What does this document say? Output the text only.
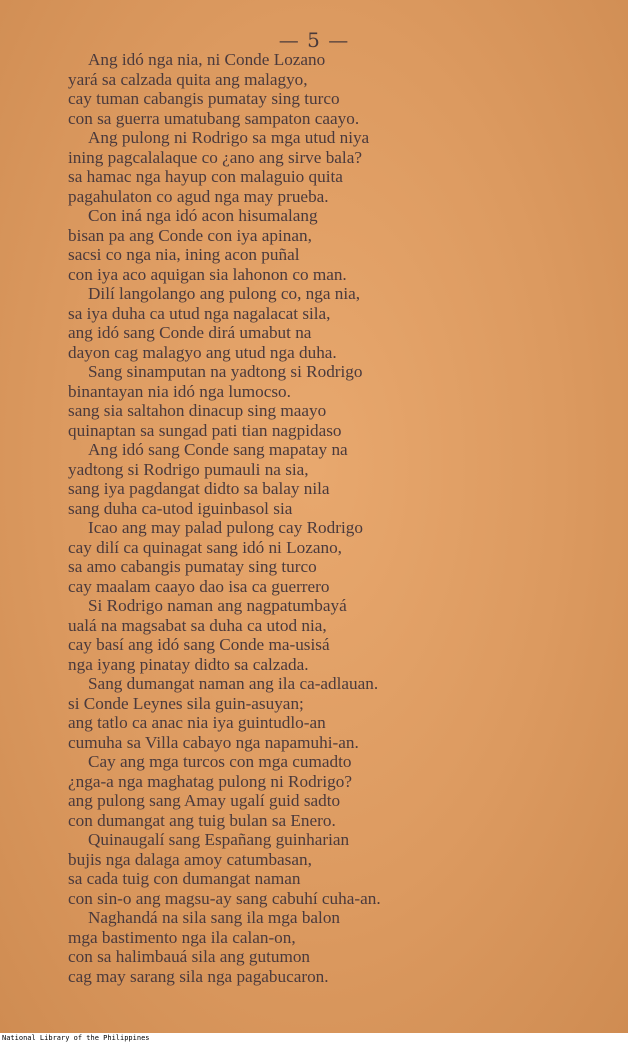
— 5 —
Ang idó nga nia, ni Conde Lozano
yará sa calzada quita ang malagyo,
cay tuman cabangis pumatay sing turco
con sa guerra umatubang sampaton caayo.
Ang pulong ni Rodrigo sa mga utud niya
ining pagcalalaque co ¿ano ang sirve bala?
sa hamac nga hayup con malaguio quita
pagahulaton co agud nga may prueba.
Con iná nga idó acon hisumalang
bisan pa ang Conde con iya apinan,
sacsi co nga nia, ining acon puñal
con iya aco aquigan sia lahonon co man.
Dilí langolango ang pulong co, nga nia,
sa iya duha ca utud nga nagalacat sila,
ang idó sang Conde dirá umabut na
dayon cag malagyo ang utud nga duha.
Sang sinamputan na yadtong si Rodrigo
binantayan nia idó nga lumocso.
sang sia saltahon dinacup sing maayo
quinaptan sa sungad pati tian nagpidaso
Ang idó sang Conde sang mapatay na
yadtong si Rodrigo pumauli na sia,
sang iya pagdangat didto sa balay nila
sang duha ca-utod iguinbasol sia
Icao ang may palad pulong cay Rodrigo
cay dilí ca quinagat sang idó ni Lozano,
sa amo cabangis pumatay sing turco
cay maalam caayo dao isa ca guerrero
Si Rodrigo naman ang nagpatumbayá
ualá na magsabat sa duha ca utod nia,
cay basí ang idó sang Conde ma-usisá
nga iyang pinatay didto sa calzada.
Sang dumangat naman ang ila ca-adlauan.
si Conde Leynes sila guin-asuyan;
ang tatlo ca anac nia iya guintudlo-an
cumuha sa Villa cabayo nga napamuhi-an.
Cay ang mga turcos con mga cumadto
¿nga-a nga maghatag pulong ni Rodrigo?
ang pulong sang Amay ugalí guid sadto
con dumangat ang tuig bulan sa Enero.
Quinaugalí sang Españang guinharian
bujis nga dalaga amoy catumbasan,
sa cada tuig con dumangat naman
con sin-o ang magsu-ay sang cabuhí cuha-an.
Naghandá na sila sang ila mga balon
mga bastimento nga ila calan-on,
con sa halimbauá sila ang gutumon
cag may sarang sila nga pagabucaron.
National Library of the Philippines
